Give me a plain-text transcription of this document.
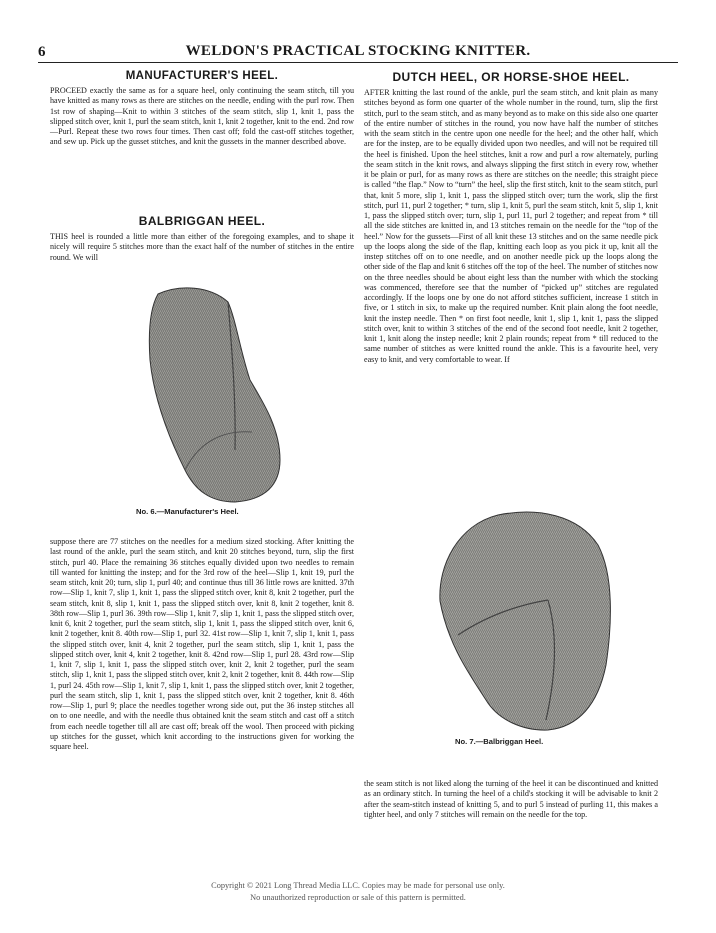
6	WELDON'S PRACTICAL STOCKING KNITTER.
MANUFACTURER'S HEEL.

PROCEED exactly the same as for a square heel, only continuing the seam stitch, till you have knitted as many rows as there are stitches on the needle, ending with the purl row. Then 1st row of shaping—Knit to within 3 stitches of the seam stitch, slip 1, knit 1, pass the slipped stitch over, knit 1, purl the seam stitch, knit 1, knit 2 together, knit to the end. 2nd row—Purl. Repeat these two rows four times. Then cast off; fold the cast-off stitches together, and sew up. Pick up the gusset stitches, and knit the gussets in the manner described above.

BALBRIGGAN HEEL.

THIS heel is rounded a little more than either of the foregoing examples, and to shape it nicely will require 5 stitches more than the exact half of the number of stitches in the entire round. We will

No. 6.—Manufacturer's Heel.

suppose there are 77 stitches on the needles for a medium sized stocking. After knitting the last round of the ankle, purl the seam stitch, and knit 20 stitches beyond, turn, slip the first stitch, purl 40. Place the remaining 36 stitches equally divided upon two needles to remain till wanted for knitting the instep; and for the 3rd row of the heel—Slip 1, knit 19, purl the seam stitch, knit 20; turn, slip 1, purl 40; and continue thus till 36 little rows are knitted. 37th row—Slip 1, knit 7, slip 1, knit 1, pass the slipped stitch over, knit 8, knit 2 together, purl the seam stitch, knit 8, slip 1, knit 1, pass the slipped stitch over, knit 8, knit 2 together, knit 8. 38th row—Slip 1, purl 36. 39th row—Slip 1, knit 7, slip 1, knit 1, pass the slipped stitch over, knit 6, knit 2 together, purl the seam stitch, slip 1, knit 1, pass the slipped stitch over, knit 6, knit 2 together, knit 8. 40th row—Slip 1, purl 32. 41st row—Slip 1, knit 7, slip 1, knit 1, pass the slipped stitch over, knit 4, knit 2 together, purl the seam stitch, slip 1, knit 1, pass the slipped stitch over, knit 4, knit 2 together, knit 8. 42nd row—Slip 1, purl 28. 43rd row—Slip 1, knit 7, slip 1, knit 1, pass the slipped stitch over, knit 2, knit 2 together, purl the seam stitch, slip 1, knit 1, pass the slipped stitch over, knit 2, knit 2 together, knit 8. 44th row—Slip 1, purl 24. 45th row—Slip 1, knit 7, slip 1, knit 1, pass the slipped stitch over, knit 2 together, purl the seam stitch, slip 1, knit 1, pass the slipped stitch over, knit 2 together, knit 8. 46th row—Slip 1, purl 9; place the needles together wrong side out, put the 36 instep stitches all on to one needle, and with the needle thus obtained knit the seam stitch and cast off a stitch from each needle together till all are cast off; break off the wool. Then proceed with picking up stitches for the gusset, which knit according to the instructions given for working the square heel.

DUTCH HEEL, OR HORSE-SHOE HEEL.

AFTER knitting the last round of the ankle, purl the seam stitch, and knit plain as many stitches beyond as form one quarter of the whole number in the round, turn, slip the first stitch, purl to the seam stitch, and as many beyond as to make on this side also one quarter of the entire number of stitches in the round, you now have half the number of stitches with the seam stitch in the centre upon one needle for the heel; and the other half, which are for the instep, are to be equally divided upon two needles, and will not be required till the heel is finished. Upon the heel stitches, knit a row and purl a row alternately, purling the seam stitch in the knit rows, and always slipping the first stitch in every row, whether it be plain or purl, for as many rows as there are stitches on the needle; this straight piece is called “the flap.” Now to “turn” the heel, slip the first stitch, knit to the seam stitch, purl that, knit 5 more, slip 1, knit 1, pass the slipped stitch over; turn the work, slip the first stitch, purl 11, purl 2 together; * turn, slip 1, knit 5, purl the seam stitch, knit 5, slip 1, knit 1, pass the slipped stitch over; turn, slip 1, purl 11, purl 2 together; and repeat from * till all the side stitches are knitted in, and 13 stitches remain on the needle for the “top of the heel.” Now for the gussets—First of all knit these 13 stitches and on the same needle pick up the loops along the side of the flap, knitting each loop as you pick it up, knit all the instep stitches off on to one needle, and on another needle pick up the loops along the other side of the flap and knit 6 stitches off the top of the heel. The number of stitches now on the three needles should be about eight less than the number with which the stocking was commenced, therefore see that the number of “picked up” stitches are regulated accordingly. If the loops one by one do not afford stitches sufficient, increase 1 stitch in five, or 1 stitch in six, to make up the required number. Knit plain along the foot needle, knit the instep needle. Then * on first foot needle, knit 1, slip 1, knit 1, pass the slipped stitch over, knit to within 3 stitches of the end of the second foot needle, knit 2 together, knit 1, knit along the instep needle; knit 2 plain rounds; repeat from * till reduced to the same number of stitches as were knitted round the ankle. This is a favourite heel, very easy to knit, and very comfortable to wear. If

No. 7.—Balbriggan Heel.

the seam stitch is not liked along the turning of the heel it can be discontinued and knitted as an ordinary stitch. In turning the heel of a child's stocking it will be advisable to knit 2 after the seam-stitch instead of knitting 5, and to purl 5 instead of purling 11, this makes a tighter heel, and only 7 stitches will remain on the needle for the top.

Copyright © 2021 Long Thread Media LLC. Copies may be made for personal use only.
No unauthorized reproduction or sale of this pattern is permitted.
